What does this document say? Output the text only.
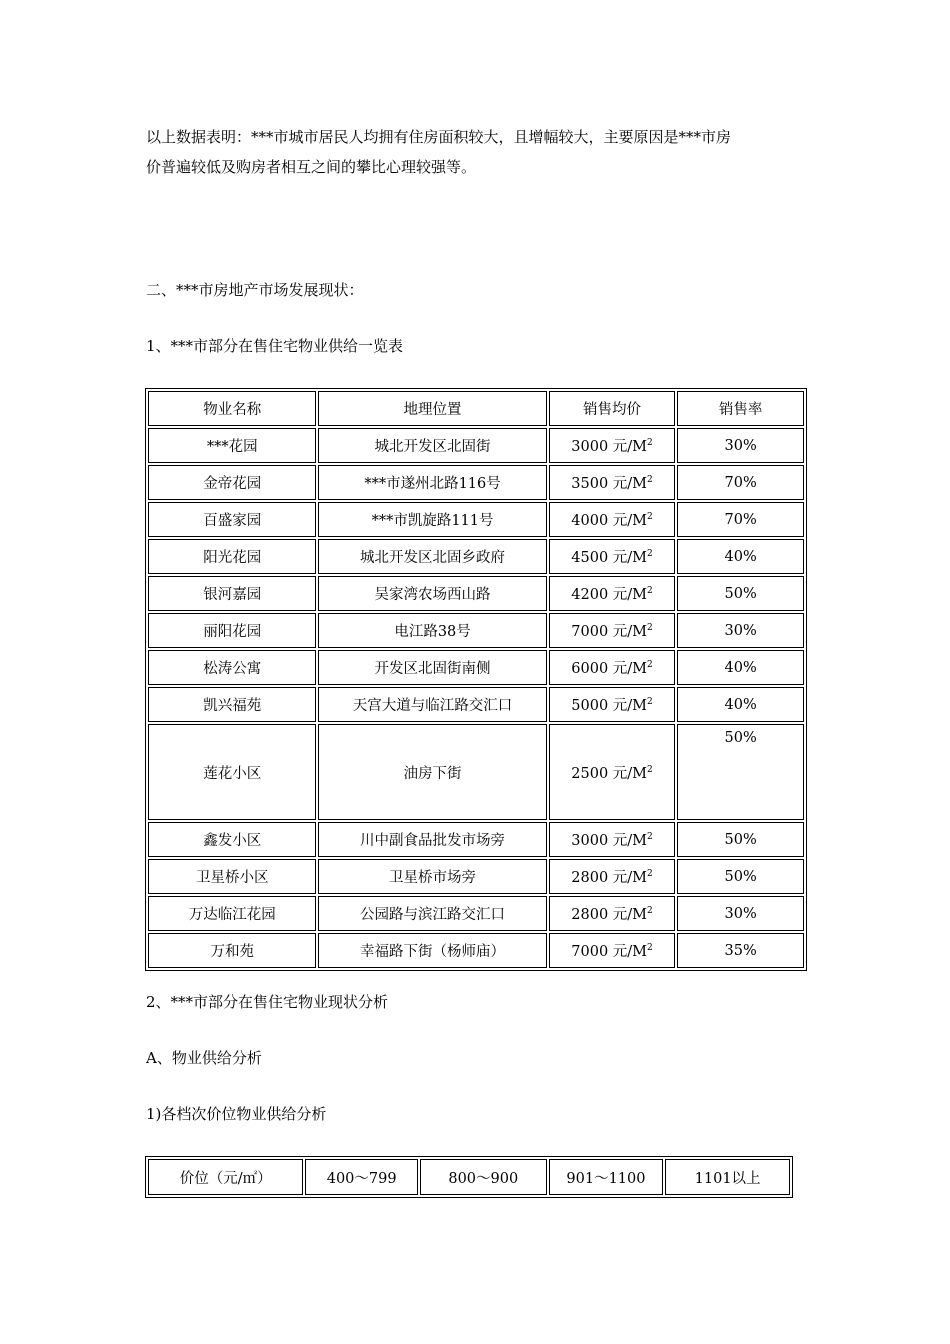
以上数据表明：***市城市居民人均拥有住房面积较大，且增幅较大，主要原因是***市房
价普遍较低及购房者相互之间的攀比心理较强等。

二、***市房地产市场发展现状：

1、***市部分在售住宅物业供给一览表

物业名称	地理位置	销售均价	销售率
***花园	城北开发区北固街	3000 元$/M^2$	30%
金帝花园	***市遂州北路116号	3500 元$/M^2$	70%
百盛家园	***市凯旋路111号	4000 元$/M^2$	70%
阳光花园	城北开发区北固乡政府	4500 元$/M^2$	40%
银河嘉园	吴家湾农场西山路	4200 元$/M^2$	50%
丽阳花园	电江路38号	7000 元$/M^2$	30%
松涛公寓	开发区北固街南侧	6000 元$/M^2$	40%
凯兴福苑	天宫大道与临江路交汇口	5000 元$/M^2$	40%
莲花小区	油房下街	2500 元$/M^2$	50%
鑫发小区	川中副食品批发市场旁	3000 元$/M^2$	50%
卫星桥小区	卫星桥市场旁	2800 元$/M^2$	50%
万达临江花园	公园路与滨江路交汇口	2800 元$/M^2$	30%
万和苑	幸福路下街（杨师庙）	7000 元$/M^2$	35%

2、***市部分在售住宅物业现状分析

A、物业供给分析

1)各档次价位物业供给分析

价位（元/㎡）	400～799	800～900	901～1100	1101以上
